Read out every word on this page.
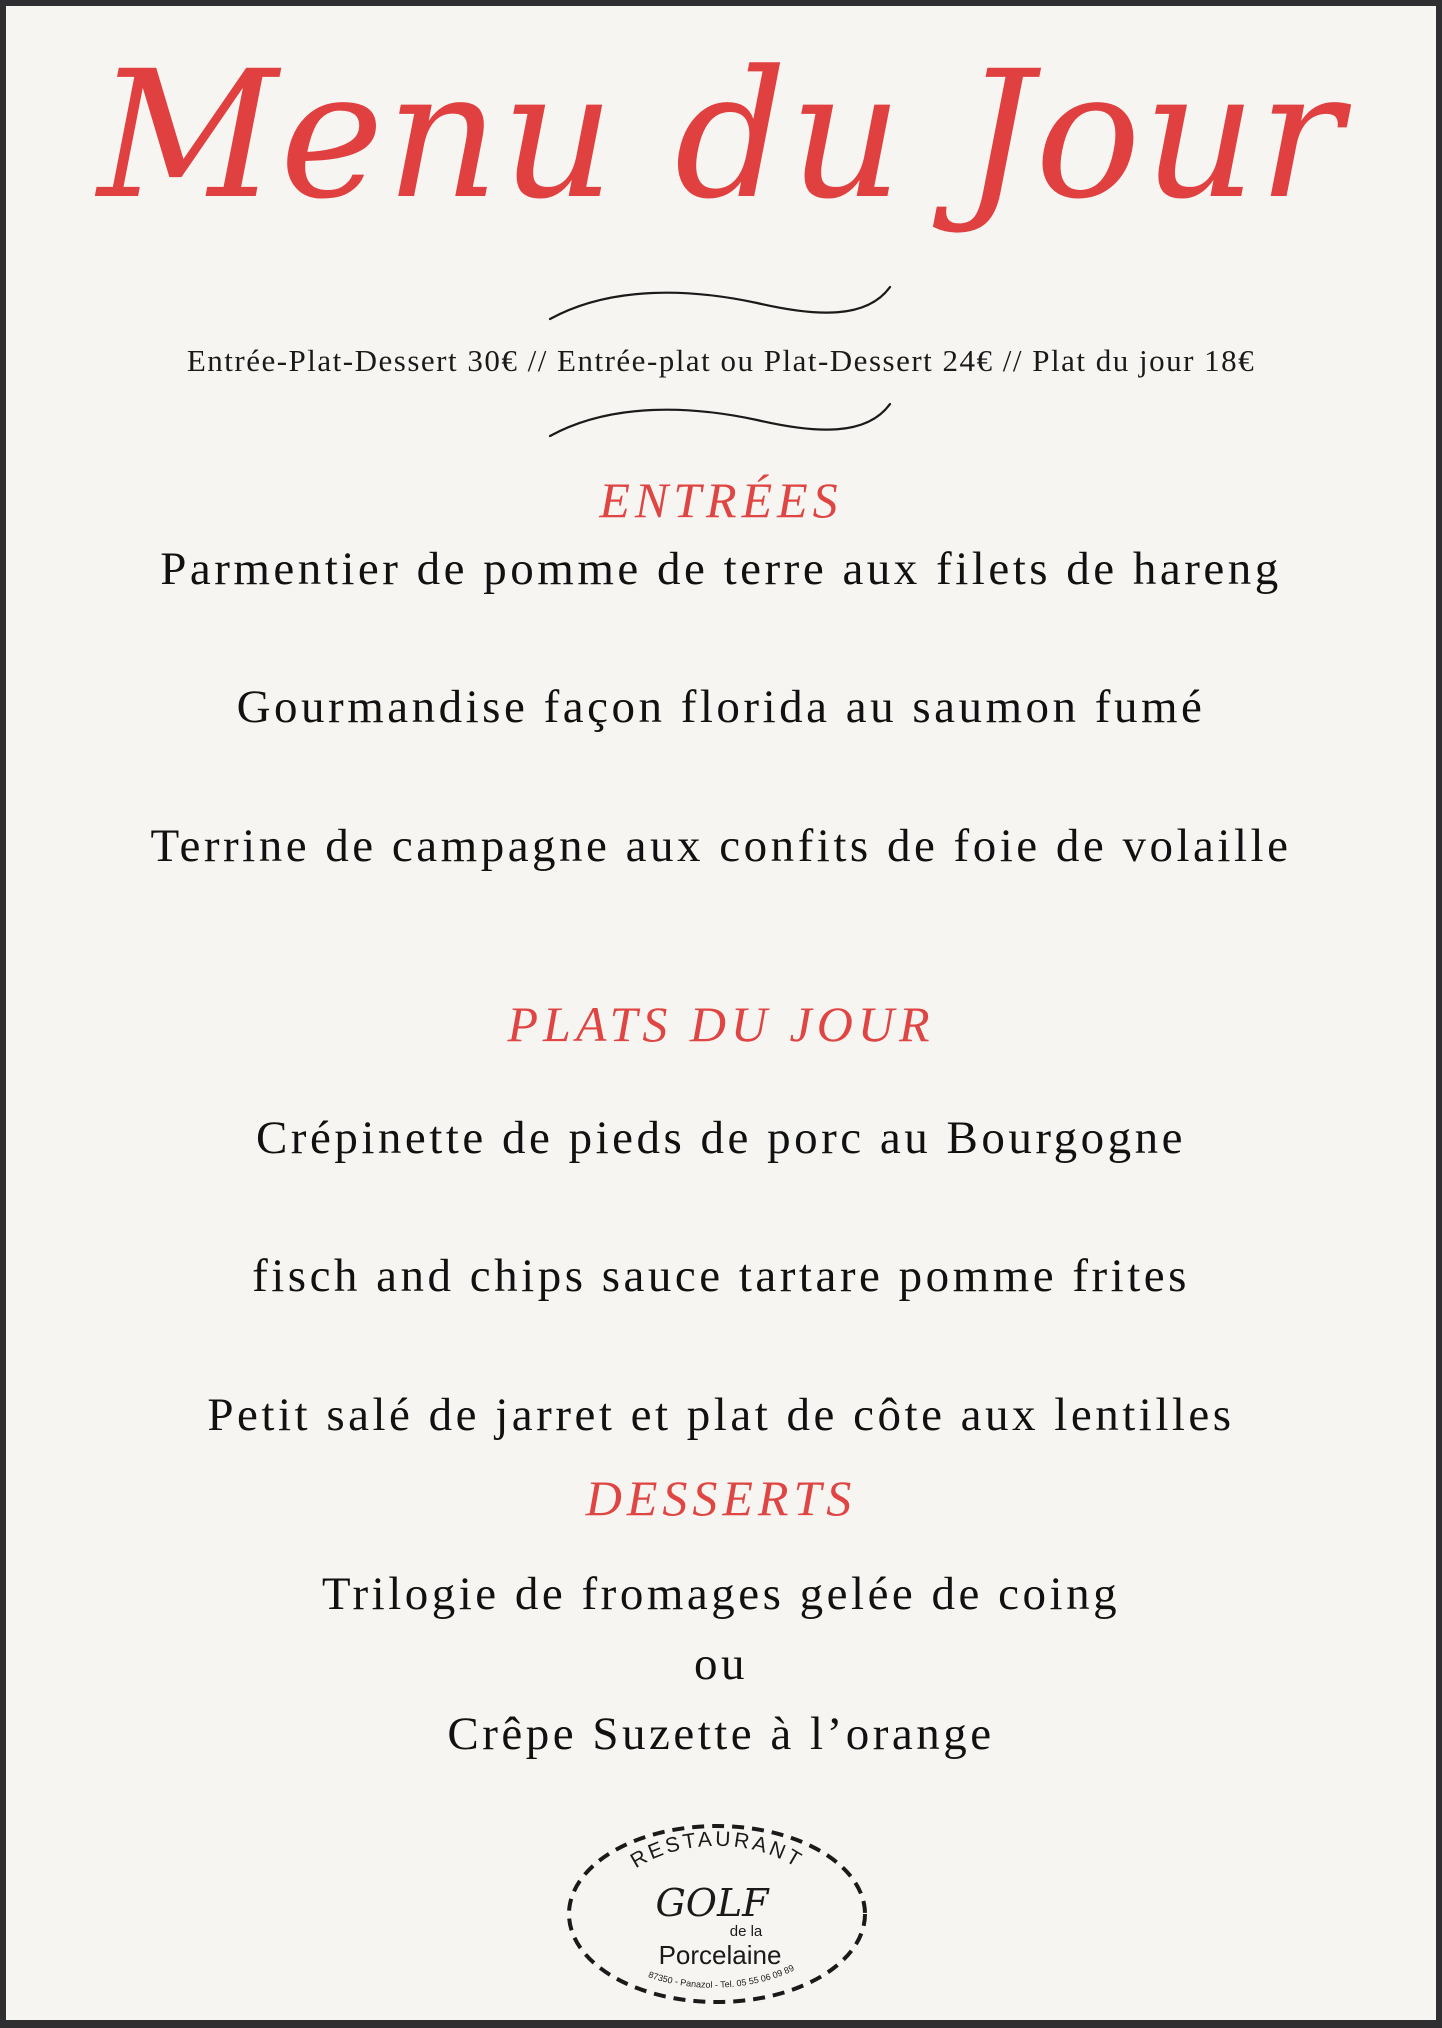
Menu du Jour
Entrée-Plat-Dessert 30€ // Entrée-plat ou Plat-Dessert 24€ // Plat du jour 18€
ENTRÉES
Parmentier de pomme de terre aux filets de hareng
Gourmandise façon florida au saumon fumé
Terrine de campagne aux confits de foie de volaille
PLATS DU JOUR
Crépinette de pieds de porc au Bourgogne
fisch and chips sauce tartare pomme frites
Petit salé de jarret et plat de côte aux lentilles
DESSERTS
Trilogie de fromages gelée de coing
ou
Crêpe Suzette à l’orange
RESTAURANT
GOLF
de la
Porcelaine
87350 - Panazol - Tel. 05 55 06 09 89
